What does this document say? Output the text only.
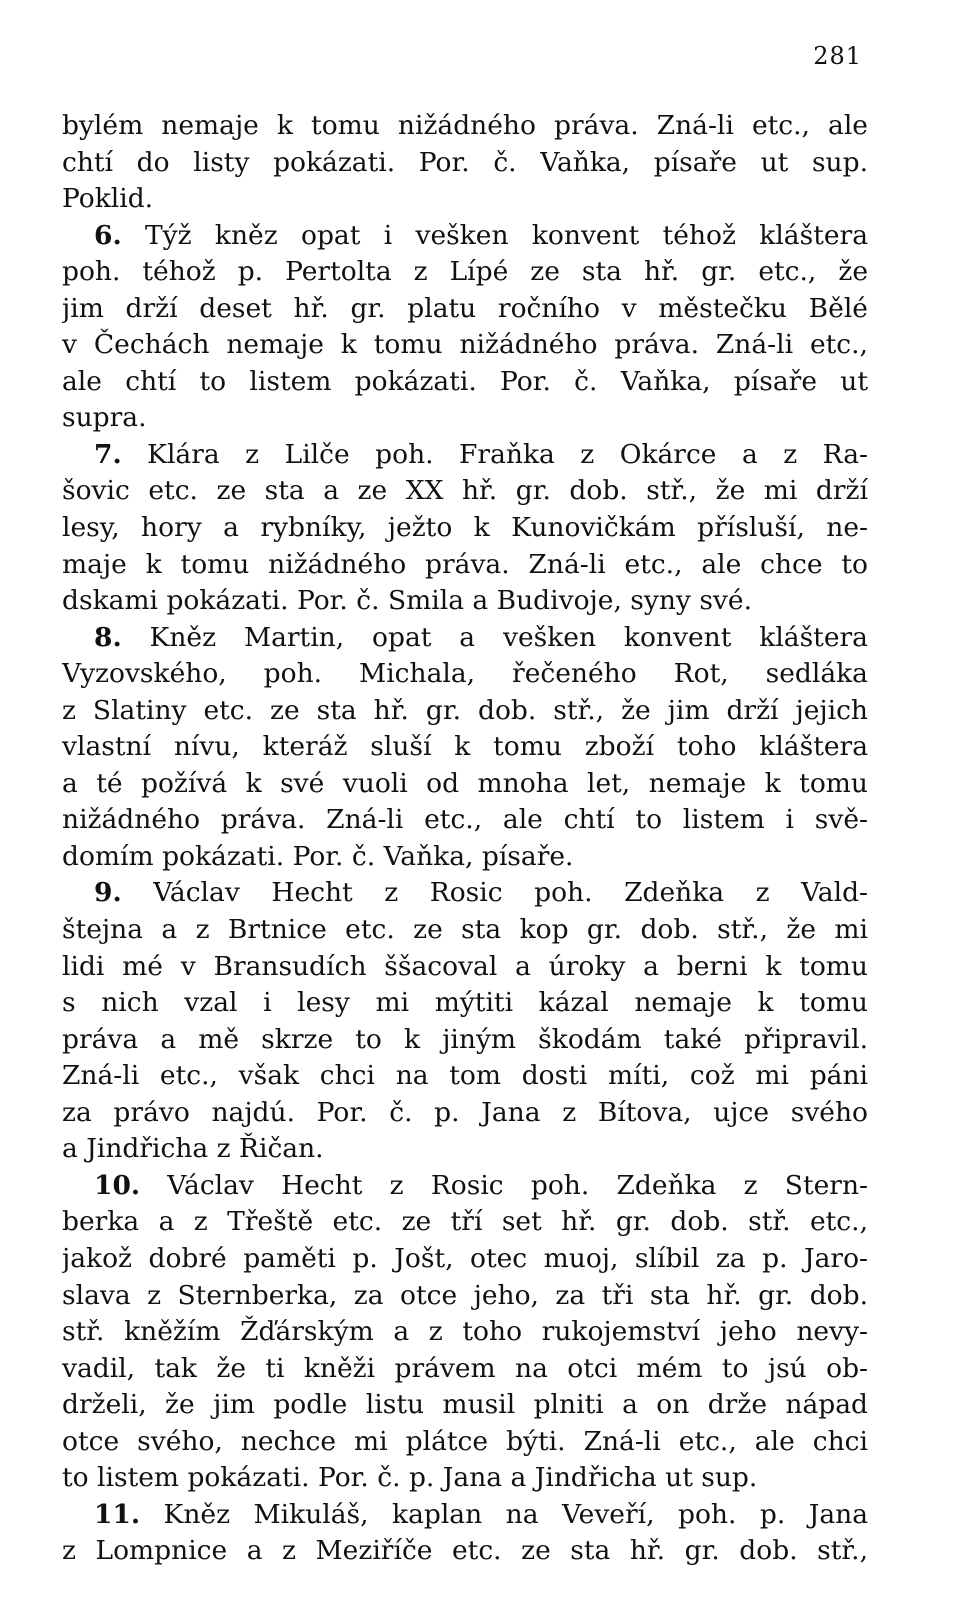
281
bylém nemaje k tomu nižádného práva. Zná-li etc., ale
chtí do listy pokázati. Por. č. Vaňka, písaře ut sup.
Poklid.
6. Týž kněz opat i vešken konvent téhož kláštera
poh. téhož p. Pertolta z Lípé ze sta hř. gr. etc., že
jim drží deset hř. gr. platu ročního v městečku Bělé
v Čechách nemaje k tomu nižádného práva. Zná-li etc.,
ale chtí to listem pokázati. Por. č. Vaňka, písaře ut
supra.
7. Klára z Lilče poh. Fraňka z Okárce a z Ra-
šovic etc. ze sta a ze XX hř. gr. dob. stř., že mi drží
lesy, hory a rybníky, ježto k Kunovičkám přísluší, ne-
maje k tomu nižádného práva. Zná-li etc., ale chce to
dskami pokázati. Por. č. Smila a Budivoje, syny své.
8. Kněz Martin, opat a vešken konvent kláštera
Vyzovského, poh. Michala, řečeného Rot, sedláka
z Slatiny etc. ze sta hř. gr. dob. stř., že jim drží jejich
vlastní nívu, kteráž sluší k tomu zboží toho kláštera
a té požívá k své vuoli od mnoha let, nemaje k tomu
nižádného práva. Zná-li etc., ale chtí to listem i svě-
domím pokázati. Por. č. Vaňka, písaře.
9. Václav Hecht z Rosic poh. Zdeňka z Vald-
štejna a z Brtnice etc. ze sta kop gr. dob. stř., že mi
lidi mé v Bransudích ššacoval a úroky a berni k tomu
s nich vzal i lesy mi mýtiti kázal nemaje k tomu
práva a mě skrze to k jiným škodám také připravil.
Zná-li etc., však chci na tom dosti míti, což mi páni
za právo najdú. Por. č. p. Jana z Bítova, ujce svého
a Jindřicha z Řičan.
10. Václav Hecht z Rosic poh. Zdeňka z Stern-
berka a z Třeště etc. ze tří set hř. gr. dob. stř. etc.,
jakož dobré paměti p. Jošt, otec muoj, slíbil za p. Jaro-
slava z Sternberka, za otce jeho, za tři sta hř. gr. dob.
stř. kněžím Žďárským a z toho rukojemství jeho nevy-
vadil, tak že ti kněži právem na otci mém to jsú ob-
drželi, že jim podle listu musil plniti a on drže nápad
otce svého, nechce mi plátce býti. Zná-li etc., ale chci
to listem pokázati. Por. č. p. Jana a Jindřicha ut sup.
11. Kněz Mikuláš, kaplan na Veveří, poh. p. Jana
z Lompnice a z Meziříče etc. ze sta hř. gr. dob. stř.,
